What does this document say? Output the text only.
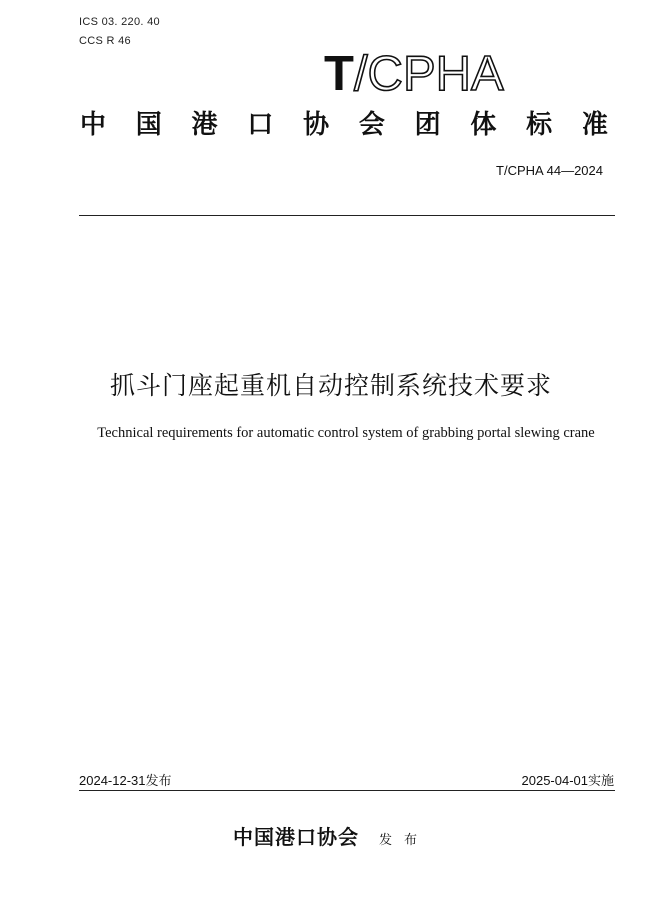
ICS 03. 220. 40
CCS R 46
T/CPHA
中 国 港 口 协 会 团 体 标 准
T/CPHA 44—2024
抓斗门座起重机自动控制系统技术要求
Technical requirements for automatic control system of grabbing portal slewing crane
2024-12-31发布	2025-04-01实施
中国港口协会 发布
